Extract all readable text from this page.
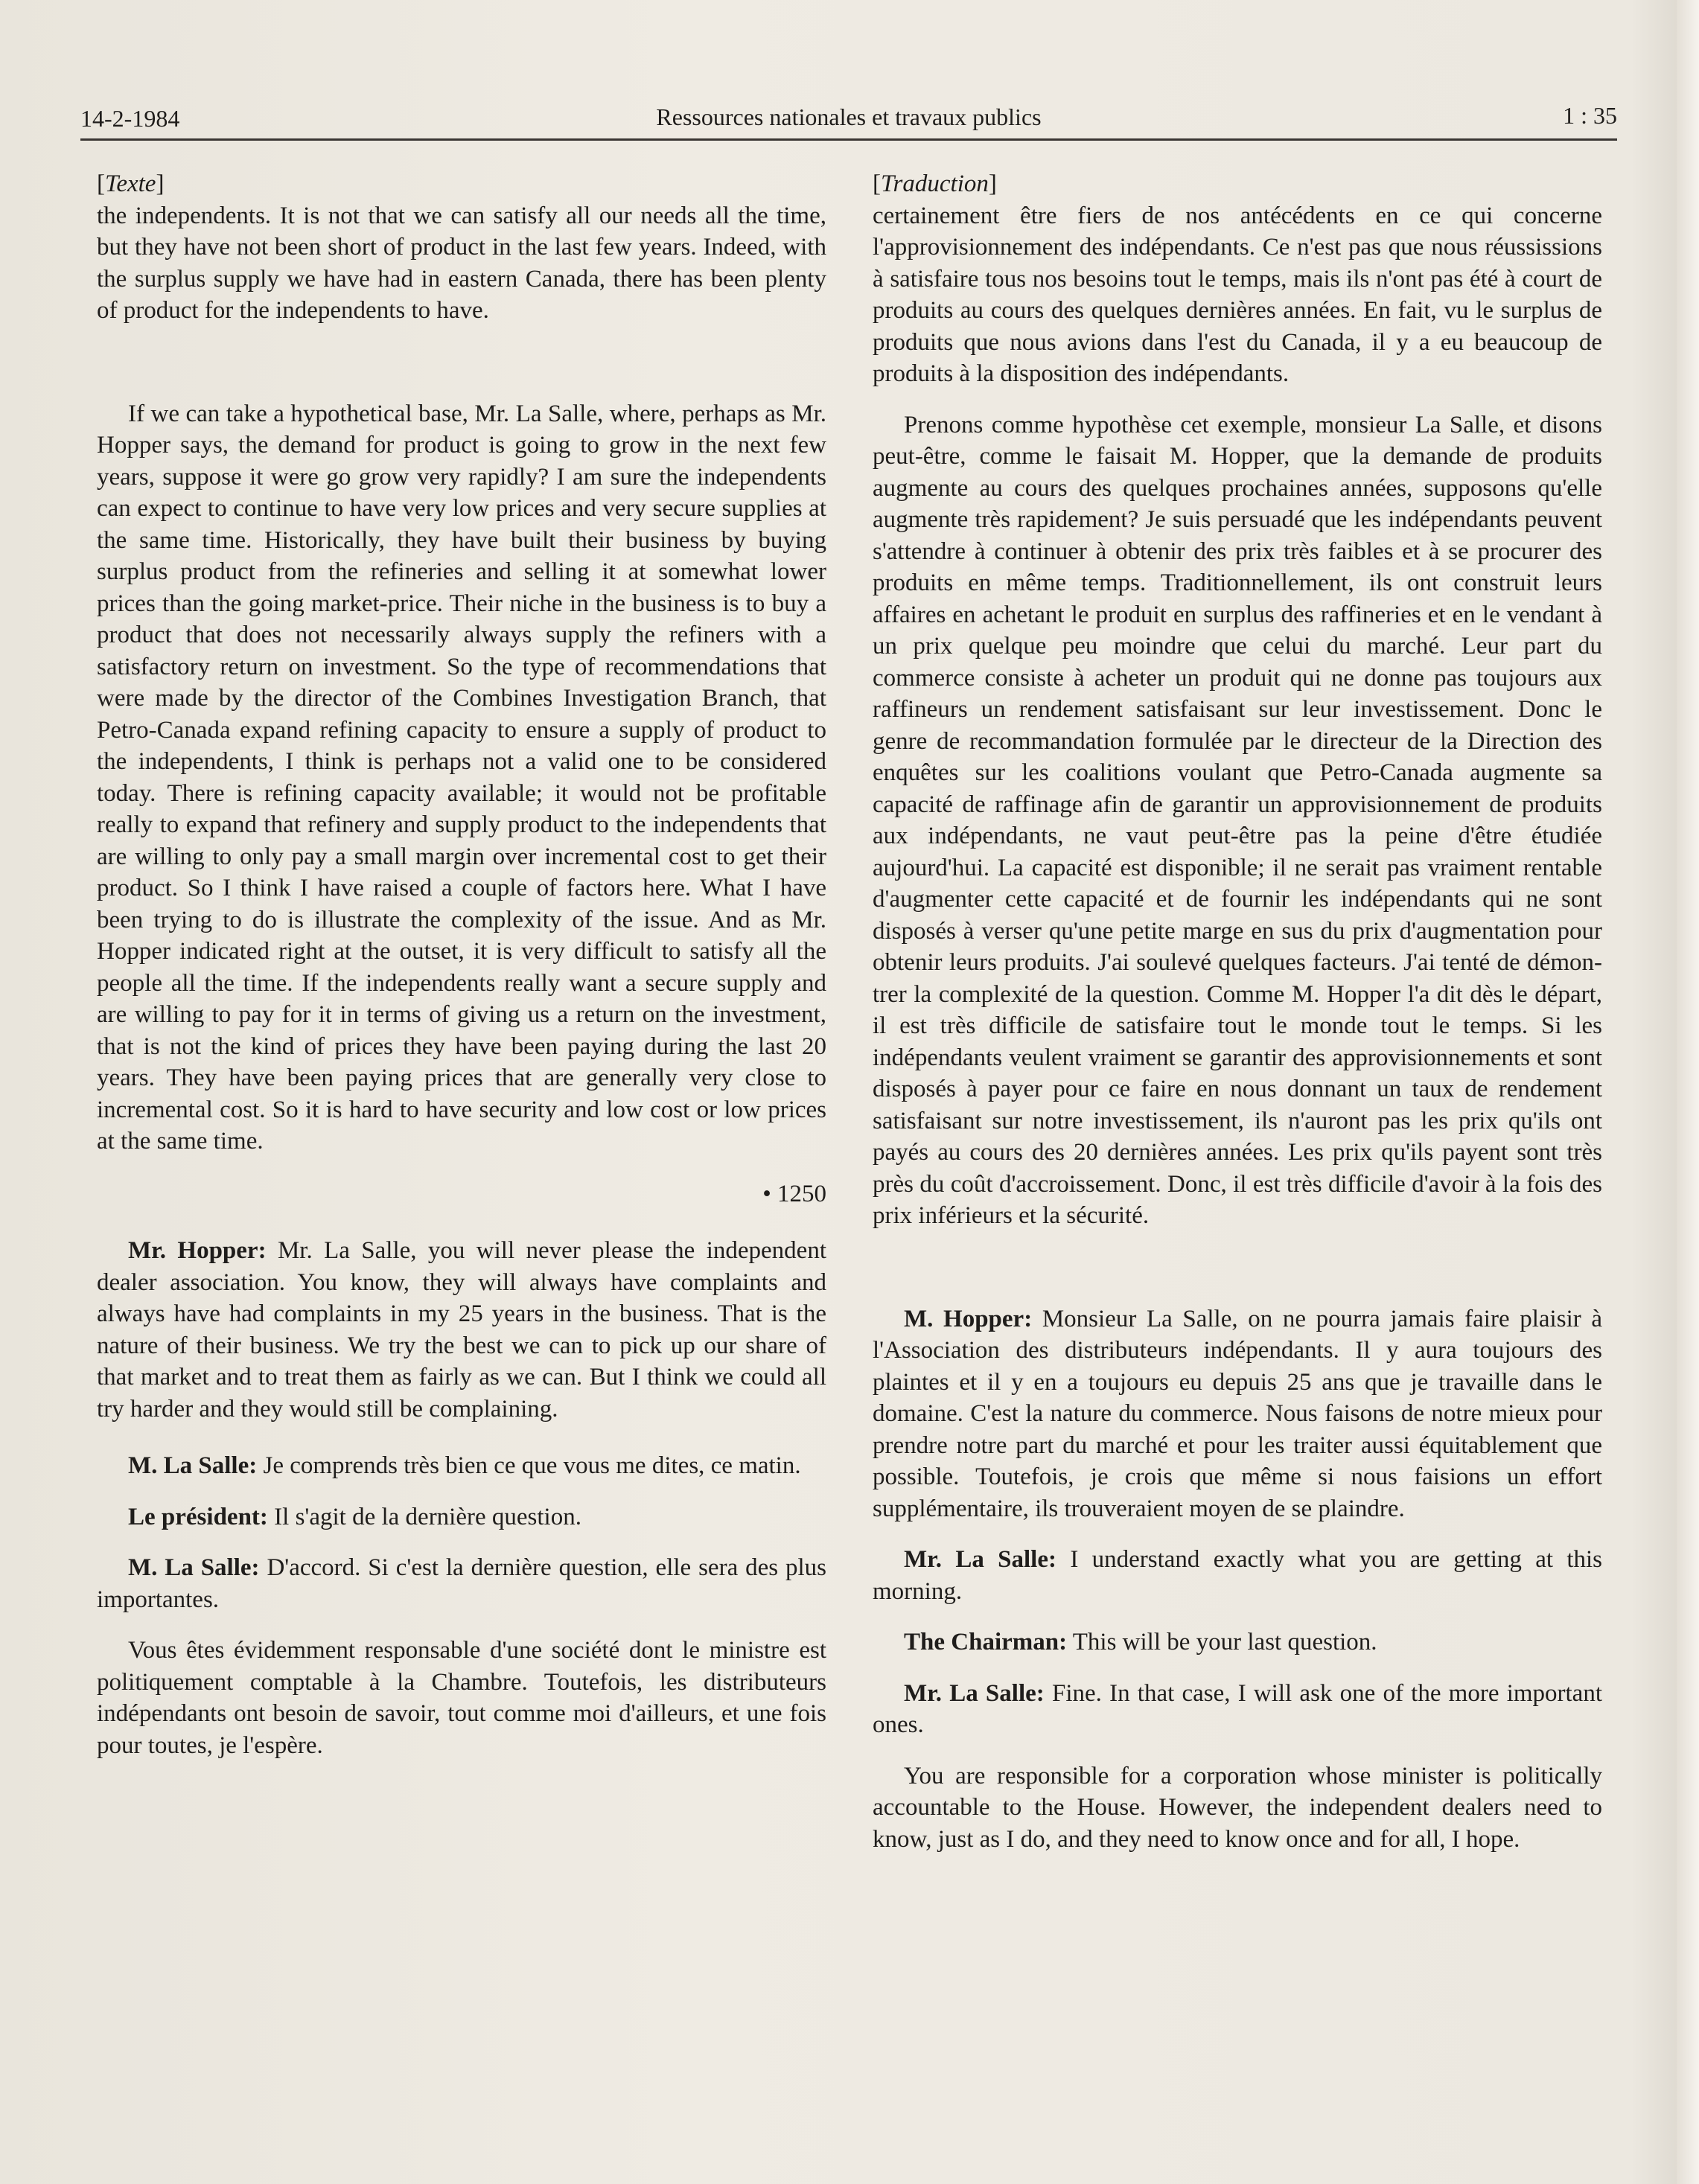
14-2-1984	Ressources nationales et travaux publics	1 : 35

[Texte]

the independents. It is not that we can satisfy all our needs all the time, but they have not been short of product in the last few years. Indeed, with the surplus supply we have had in eastern Canada, there has been plenty of product for the independents to have.

If we can take a hypothetical base, Mr. La Salle, where, perhaps as Mr. Hopper says, the demand for product is going to grow in the next few years, suppose it were go grow very rapidly? I am sure the independents can expect to continue to have very low prices and very secure supplies at the same time. Historically, they have built their business by buying surplus product from the refineries and selling it at somewhat lower prices than the going market-price. Their niche in the business is to buy a product that does not necessarily always supply the refiners with a satisfactory return on investment. So the type of recommendations that were made by the director of the Combines Investigation Branch, that Petro-Canada expand refining capacity to ensure a supply of product to the independents, I think is perhaps not a valid one to be considered today. There is refining capacity available; it would not be profitable really to expand that refinery and supply product to the independents that are willing to only pay a small margin over incremental cost to get their product. So I think I have raised a couple of factors here. What I have been trying to do is illustrate the complexity of the issue. And as Mr. Hopper indicated right at the outset, it is very difficult to satisfy all the people all the time. If the independents really want a secure supply and are willing to pay for it in terms of giving us a return on the investment, that is not the kind of prices they have been paying during the last 20 years. They have been paying prices that are generally very close to incremental cost. So it is hard to have security and low cost or low prices at the same time.

• 1250

Mr. Hopper: Mr. La Salle, you will never please the independent dealer association. You know, they will always have complaints and always have had complaints in my 25 years in the business. That is the nature of their business. We try the best we can to pick up our share of that market and to treat them as fairly as we can. But I think we could all try harder and they would still be complaining.

M. La Salle: Je comprends très bien ce que vous me dites, ce matin.

Le président: Il s'agit de la dernière question.

M. La Salle: D'accord. Si c'est la dernière question, elle sera des plus importantes.

Vous êtes évidemment responsable d'une société dont le ministre est politiquement comptable à la Chambre. Toutefois, les distributeurs indépendants ont besoin de savoir, tout comme moi d'ailleurs, et une fois pour toutes, je l'espère.

[Traduction]

certainement être fiers de nos antécédents en ce qui concerne l'approvisionnement des indépendants. Ce n'est pas que nous réussissions à satisfaire tous nos besoins tout le temps, mais ils n'ont pas été à court de produits au cours des quelques dernières années. En fait, vu le surplus de produits que nous avions dans l'est du Canada, il y a eu beaucoup de produits à la disposition des indépendants.

Prenons comme hypothèse cet exemple, monsieur La Salle, et disons peut-être, comme le faisait M. Hopper, que la demande de produits augmente au cours des quelques prochaines années, supposons qu'elle augmente très rapidement? Je suis persuadé que les indépendants peuvent s'attendre à continuer à obtenir des prix très faibles et à se procurer des produits en même temps. Traditionnellement, ils ont construit leurs affaires en achetant le produit en surplus des raffineries et en le vendant à un prix quelque peu moindre que celui du marché. Leur part du commerce consiste à acheter un produit qui ne donne pas toujours aux raffineurs un rendement satisfaisant sur leur investissement. Donc le genre de recommandation formulée par le directeur de la Direction des enquêtes sur les coalitions voulant que Petro-Canada augmente sa capacité de raffinage afin de garantir un approvisionnement de produits aux indépendants, ne vaut peut-être pas la peine d'être étudiée aujourd'hui. La capacité est disponible; il ne serait pas vraiment rentable d'augmenter cette capacité et de fournir les indépendants qui ne sont disposés à verser qu'une petite marge en sus du prix d'augmentation pour obtenir leurs produits. J'ai soulevé quelques facteurs. J'ai tenté de démontrer la complexité de la question. Comme M. Hopper l'a dit dès le départ, il est très difficile de satisfaire tout le monde tout le temps. Si les indépendants veulent vraiment se garantir des approvisionnements et sont disposés à payer pour ce faire en nous donnant un taux de rendement satisfaisant sur notre investissement, ils n'auront pas les prix qu'ils ont payés au cours des 20 dernières années. Les prix qu'ils payent sont très près du coût d'accroissement. Donc, il est très difficile d'avoir à la fois des prix inférieurs et la sécurité.

M. Hopper: Monsieur La Salle, on ne pourra jamais faire plaisir à l'Association des distributeurs indépendants. Il y aura toujours des plaintes et il y en a toujours eu depuis 25 ans que je travaille dans le domaine. C'est la nature du commerce. Nous faisons de notre mieux pour prendre notre part du marché et pour les traiter aussi équitablement que possible. Toutefois, je crois que même si nous faisions un effort supplémentaire, ils trouveraient moyen de se plaindre.

Mr. La Salle: I understand exactly what you are getting at this morning.

The Chairman: This will be your last question.

Mr. La Salle: Fine. In that case, I will ask one of the more important ones.

You are responsible for a corporation whose minister is politically accountable to the House. However, the independent dealers need to know, just as I do, and they need to know once and for all, I hope.
